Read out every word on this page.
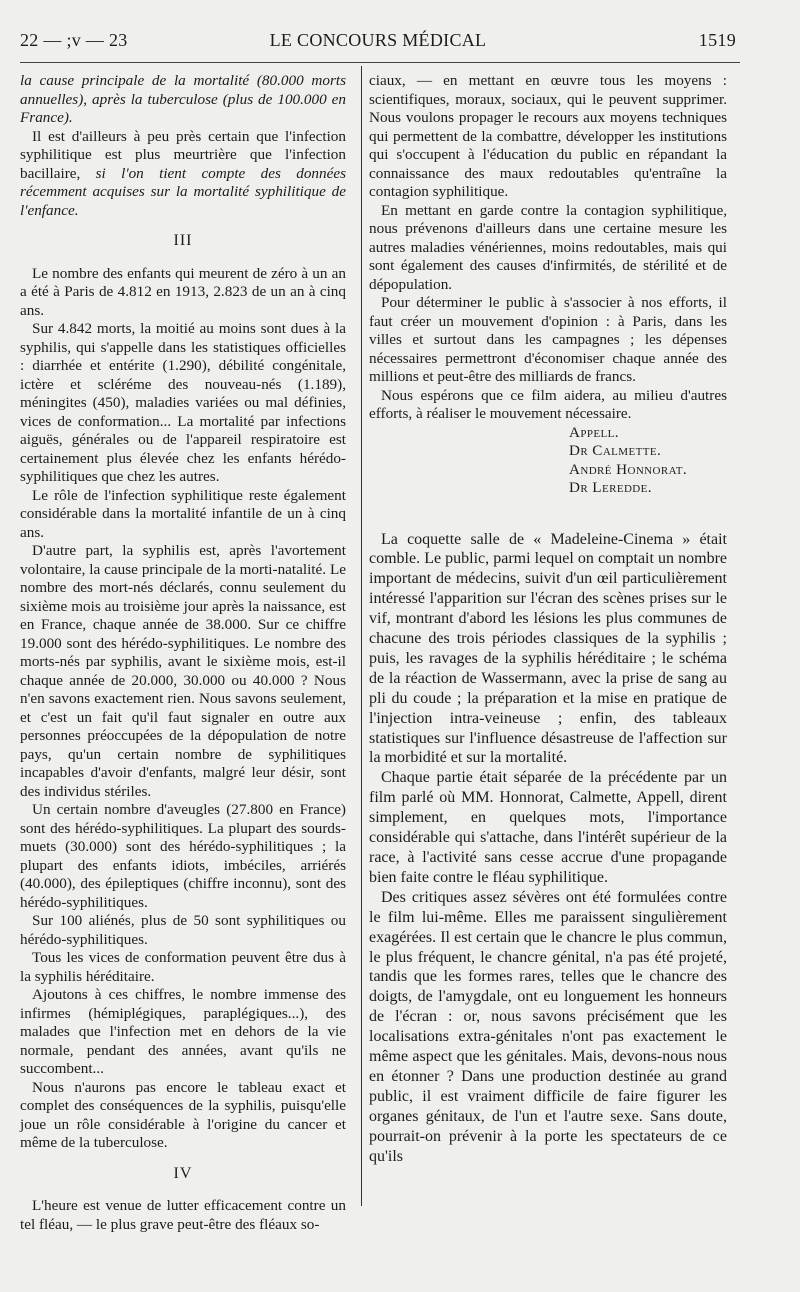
22 — ;v — 23	LE CONCOURS MÉDICAL	1519

la cause principale de la mortalité (80.000 morts annuelles), après la tuberculose (plus de 100.000 en France).

Il est d'ailleurs à peu près certain que l'infection syphilitique est plus meurtrière que l'infection bacillaire, si l'on tient compte des données récemment acquises sur la mortalité syphilitique de l'enfance.

III

Le nombre des enfants qui meurent de zéro à un an a été à Paris de 4.812 en 1913, 2.823 de un an à cinq ans.

Sur 4.842 morts, la moitié au moins sont dues à la syphilis, qui s'appelle dans les statistiques officielles : diarrhée et entérite (1.290), débilité congénitale, ictère et scléréme des nouveau-nés (1.189), méningites (450), maladies variées ou mal définies, vices de conformation... La mortalité par infections aiguës, générales ou de l'appareil respiratoire est certainement plus élevée chez les enfants hérédo-syphilitiques que chez les autres.

Le rôle de l'infection syphilitique reste également considérable dans la mortalité infantile de un à cinq ans.

D'autre part, la syphilis est, après l'avortement volontaire, la cause principale de la morti-natalité. Le nombre des mort-nés déclarés, connu seulement du sixième mois au troisième jour après la naissance, est en France, chaque année de 38.000. Sur ce chiffre 19.000 sont des hérédo-syphilitiques. Le nombre des morts-nés par syphilis, avant le sixième mois, est-il chaque année de 20.000, 30.000 ou 40.000 ? Nous n'en savons exactement rien. Nous savons seulement, et c'est un fait qu'il faut signaler en outre aux personnes préoccupées de la dépopulation de notre pays, qu'un certain nombre de syphilitiques incapables d'avoir d'enfants, malgré leur désir, sont des individus stériles.

Un certain nombre d'aveugles (27.800 en France) sont des hérédo-syphilitiques. La plupart des sourds-muets (30.000) sont des hérédo-syphilitiques ; la plupart des enfants idiots, imbéciles, arriérés (40.000), des épileptiques (chiffre inconnu), sont des hérédo-syphilitiques.

Sur 100 aliénés, plus de 50 sont syphilitiques ou hérédo-syphilitiques.

Tous les vices de conformation peuvent être dus à la syphilis héréditaire.

Ajoutons à ces chiffres, le nombre immense des infirmes (hémiplégiques, paraplégiques...), des malades que l'infection met en dehors de la vie normale, pendant des années, avant qu'ils ne succombent...

Nous n'aurons pas encore le tableau exact et complet des conséquences de la syphilis, puisqu'elle joue un rôle considérable à l'origine du cancer et même de la tuberculose.

IV

L'heure est venue de lutter efficacement contre un tel fléau, — le plus grave peut-être des fléaux so-

ciaux, — en mettant en œuvre tous les moyens : scientifiques, moraux, sociaux, qui le peuvent supprimer. Nous voulons propager le recours aux moyens techniques qui permettent de la combattre, développer les institutions qui s'occupent à l'éducation du public en répandant la connaissance des maux redoutables qu'entraîne la contagion syphilitique.

En mettant en garde contre la contagion syphilitique, nous prévenons d'ailleurs dans une certaine mesure les autres maladies vénériennes, moins redoutables, mais qui sont également des causes d'infirmités, de stérilité et de dépopulation.

Pour déterminer le public à s'associer à nos efforts, il faut créer un mouvement d'opinion : à Paris, dans les villes et surtout dans les campagnes ; les dépenses nécessaires permettront d'économiser chaque année des millions et peut-être des milliards de francs.

Nous espérons que ce film aidera, au milieu d'autres efforts, à réaliser le mouvement nécessaire.

Appell.

Dr Calmette.

André Honnorat.

Dr Leredde.

La coquette salle de « Madeleine-Cinema » était comble. Le public, parmi lequel on comptait un nombre important de médecins, suivit d'un œil particulièrement intéressé l'apparition sur l'écran des scènes prises sur le vif, montrant d'abord les lésions les plus communes de chacune des trois périodes classiques de la syphilis ; puis, les ravages de la syphilis héréditaire ; le schéma de la réaction de Wassermann, avec la prise de sang au pli du coude ; la préparation et la mise en pratique de l'injection intra-veineuse ; enfin, des tableaux statistiques sur l'influence désastreuse de l'affection sur la morbidité et sur la mortalité.

Chaque partie était séparée de la précédente par un film parlé où MM. Honnorat, Calmette, Appell, dirent simplement, en quelques mots, l'importance considérable qui s'attache, dans l'intérêt supérieur de la race, à l'activité sans cesse accrue d'une propagande bien faite contre le fléau syphilitique.

Des critiques assez sévères ont été formulées contre le film lui-même. Elles me paraissent singulièrement exagérées. Il est certain que le chancre le plus commun, le plus fréquent, le chancre génital, n'a pas été projeté, tandis que les formes rares, telles que le chancre des doigts, de l'amygdale, ont eu longuement les honneurs de l'écran : or, nous savons précisément que les localisations extra-génitales n'ont pas exactement le même aspect que les génitales. Mais, devons-nous nous en étonner ? Dans une production destinée au grand public, il est vraiment difficile de faire figurer les organes génitaux, de l'un et l'autre sexe. Sans doute, pourrait-on prévenir à la porte les spectateurs de ce qu'ils
